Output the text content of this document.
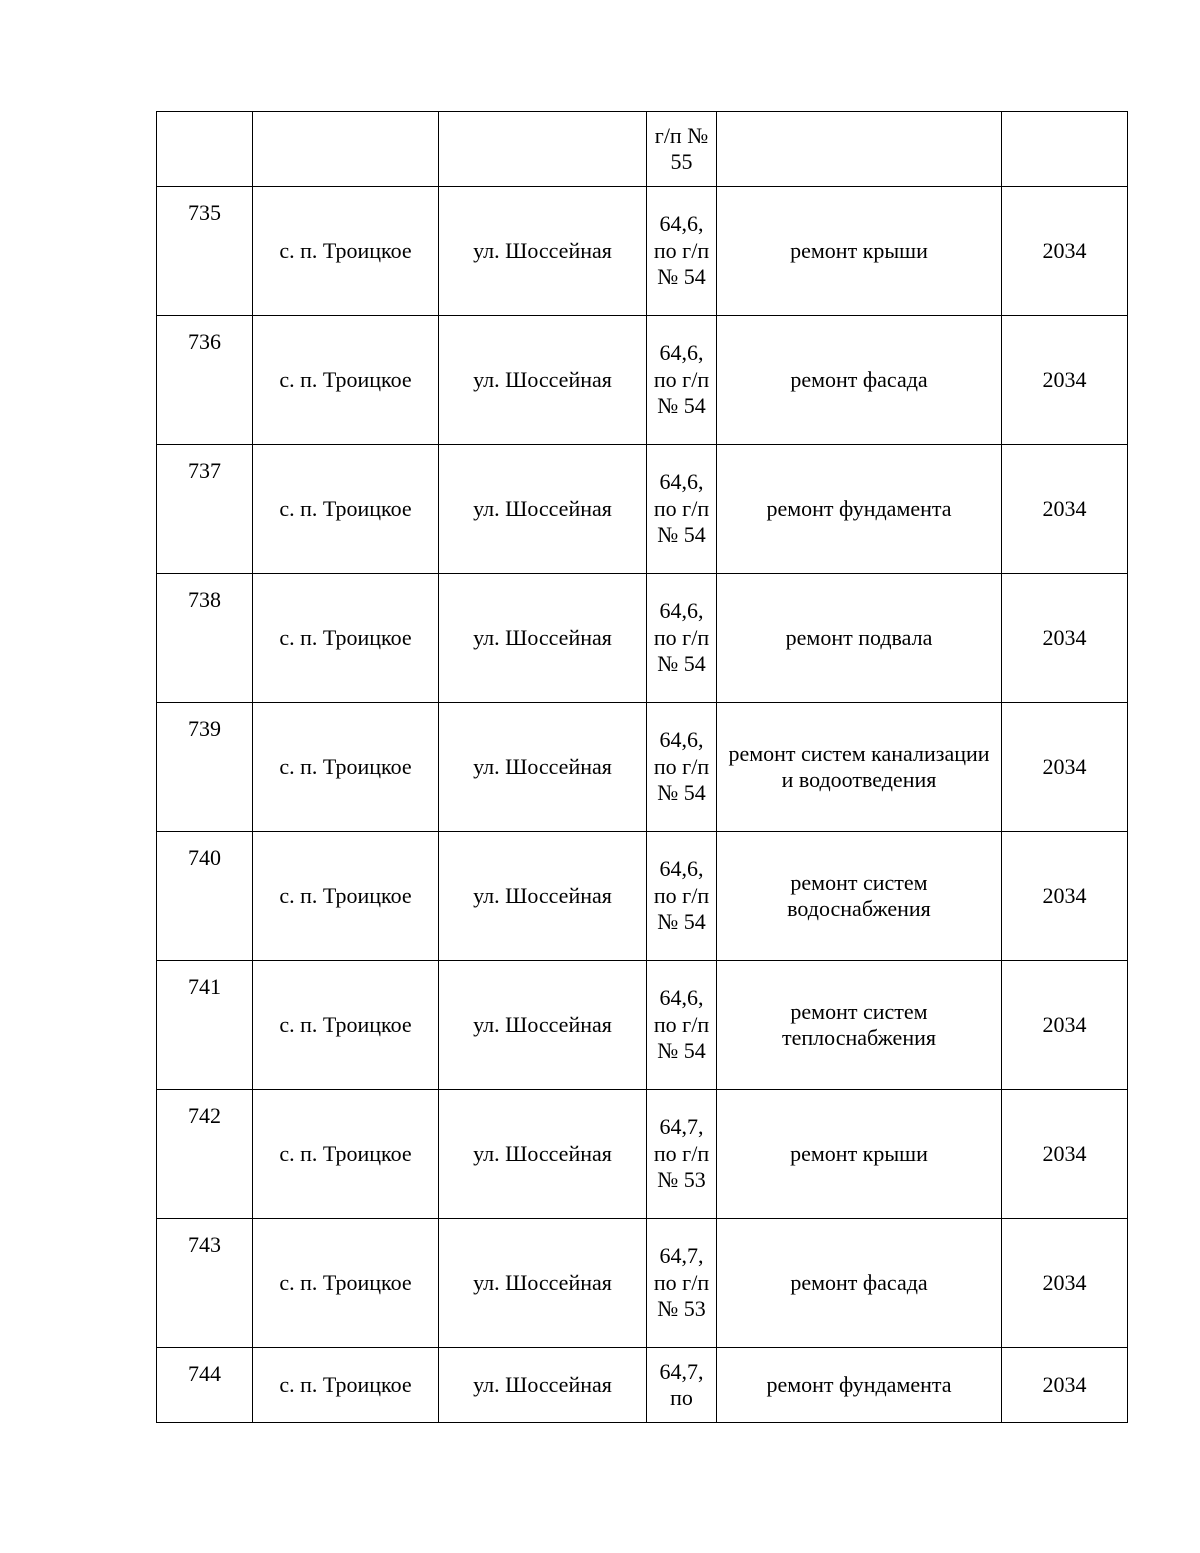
			г/п № 55		
735	с. п. Троицкое	ул. Шоссейная	64,6, по г/п № 54	ремонт крыши	2034
736	с. п. Троицкое	ул. Шоссейная	64,6, по г/п № 54	ремонт фасада	2034
737	с. п. Троицкое	ул. Шоссейная	64,6, по г/п № 54	ремонт фундамента	2034
738	с. п. Троицкое	ул. Шоссейная	64,6, по г/п № 54	ремонт подвала	2034
739	с. п. Троицкое	ул. Шоссейная	64,6, по г/п № 54	ремонт систем канализации и водоотведения	2034
740	с. п. Троицкое	ул. Шоссейная	64,6, по г/п № 54	ремонт систем водоснабжения	2034
741	с. п. Троицкое	ул. Шоссейная	64,6, по г/п № 54	ремонт систем теплоснабжения	2034
742	с. п. Троицкое	ул. Шоссейная	64,7, по г/п № 53	ремонт крыши	2034
743	с. п. Троицкое	ул. Шоссейная	64,7, по г/п № 53	ремонт фасада	2034
744	с. п. Троицкое	ул. Шоссейная	64,7, по	ремонт фундамента	2034
